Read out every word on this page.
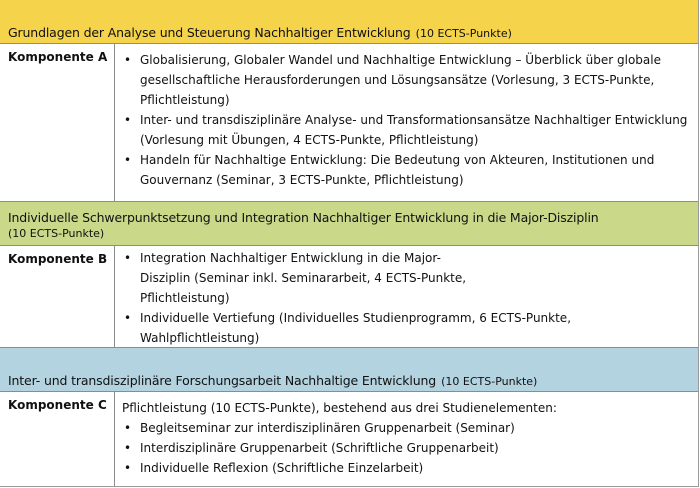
Grundlagen der Analyse und Steuerung Nachhaltiger Entwicklung (10 ECTS-Punkte)
Komponente A	• Globalisierung, Globaler Wandel und Nachhaltige Entwicklung – Überblick über globale gesellschaftliche Herausforderungen und Lösungsansätze (Vorlesung, 3 ECTS-Punkte, Pflichtleistung)
• Inter- und transdisziplinäre Analyse- und Transformationsansätze Nachhaltiger Entwicklung (Vorlesung mit Übungen, 4 ECTS-Punkte, Pflichtleistung)
• Handeln für Nachhaltige Entwicklung: Die Bedeutung von Akteuren, Institutionen und Gouvernanz (Seminar, 3 ECTS-Punkte, Pflichtleistung)
Individuelle Schwerpunktsetzung und Integration Nachhaltiger Entwicklung in die Major-Disziplin
(10 ECTS-Punkte)
Komponente B	• Integration Nachhaltiger Entwicklung in die Major-Disziplin (Seminar inkl. Seminararbeit, 4 ECTS-Punkte, Pflichtleistung)
• Individuelle Vertiefung (Individuelles Studienprogramm, 6 ECTS-Punkte, Wahlpflichtleistung)
Inter- und transdisziplinäre Forschungsarbeit Nachhaltige Entwicklung (10 ECTS-Punkte)
Komponente C	Pflichtleistung (10 ECTS-Punkte), bestehend aus drei Studienelementen:

• Begleitseminar zur interdisziplinären Gruppenarbeit (Seminar)
• Interdisziplinäre Gruppenarbeit (Schriftliche Gruppenarbeit)
• Individuelle Reflexion (Schriftliche Einzelarbeit)
